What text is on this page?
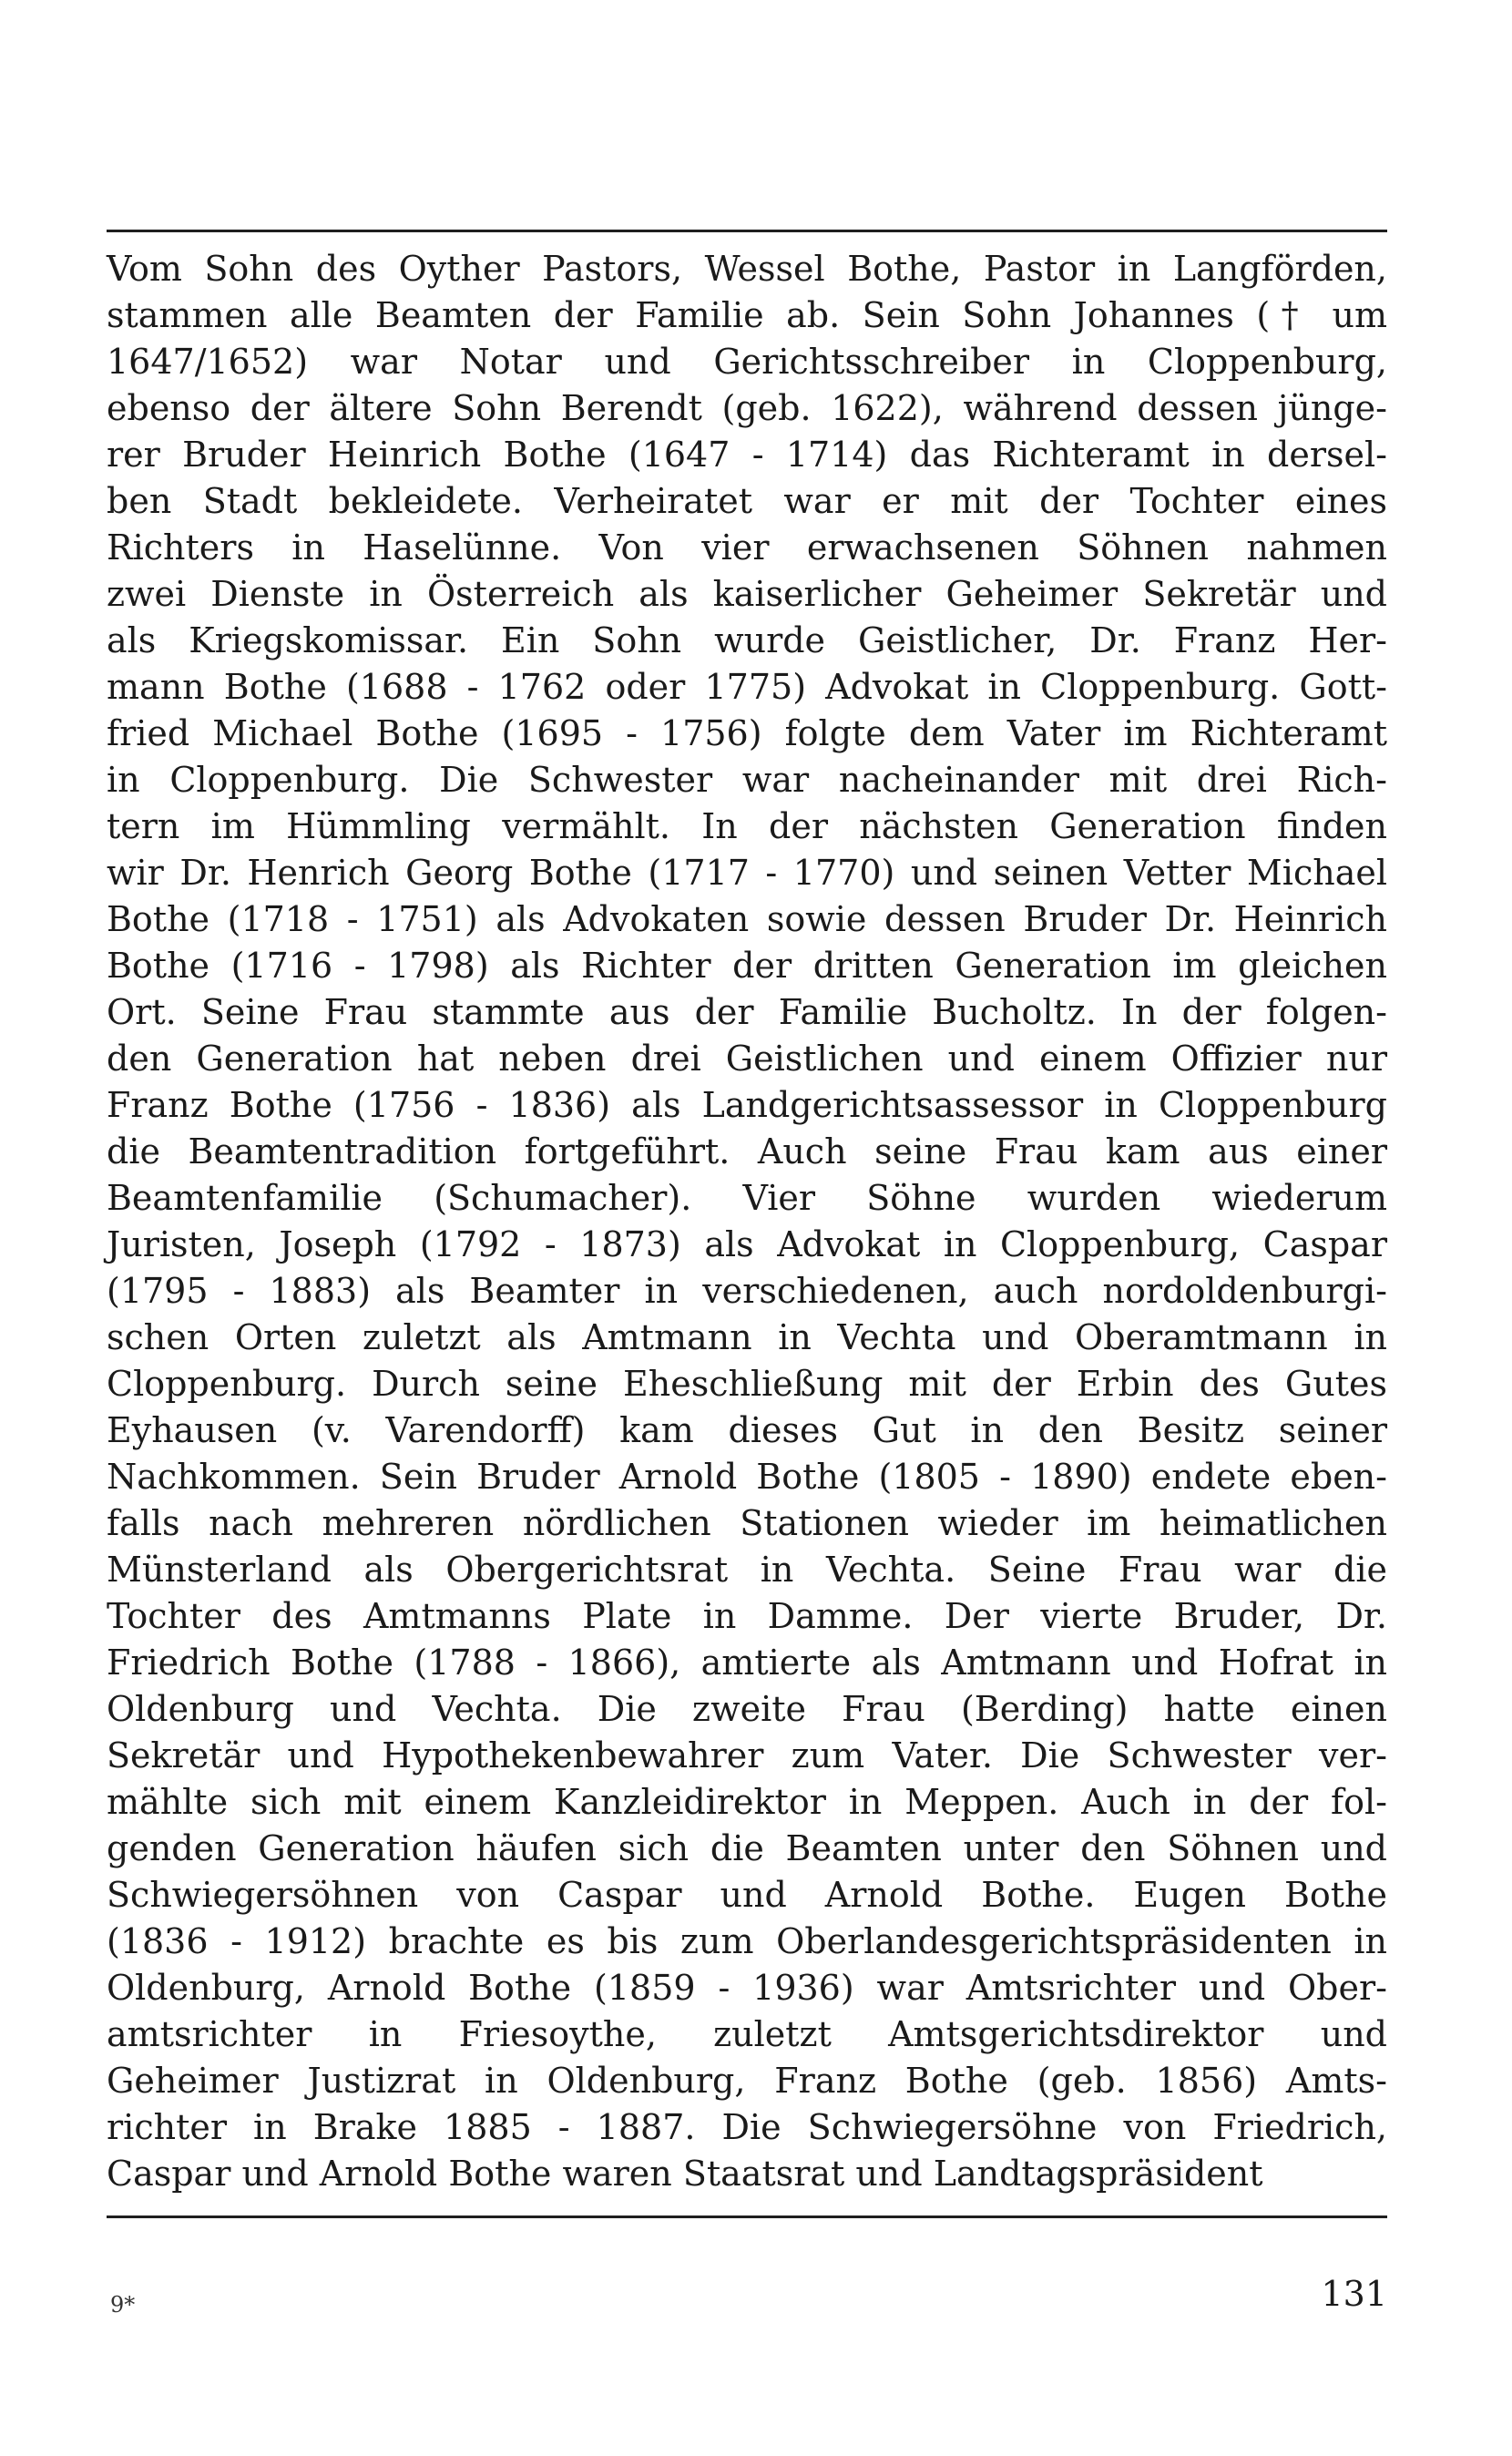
Vom Sohn des Oyther Pastors, Wessel Bothe, Pastor in Langförden,
stammen alle Beamten der Familie ab. Sein Sohn Johannes († um
1647/1652) war Notar und Gerichtsschreiber in Cloppenburg,
ebenso der ältere Sohn Berendt (geb. 1622), während dessen jünge-
rer Bruder Heinrich Bothe (1647 - 1714) das Richteramt in dersel-
ben Stadt bekleidete. Verheiratet war er mit der Tochter eines
Richters in Haselünne. Von vier erwachsenen Söhnen nahmen
zwei Dienste in Österreich als kaiserlicher Geheimer Sekretär und
als Kriegskomissar. Ein Sohn wurde Geistlicher, Dr. Franz Her-
mann Bothe (1688 - 1762 oder 1775) Advokat in Cloppenburg. Gott-
fried Michael Bothe (1695 - 1756) folgte dem Vater im Richteramt
in Cloppenburg. Die Schwester war nacheinander mit drei Rich-
tern im Hümmling vermählt. In der nächsten Generation finden
wir Dr. Henrich Georg Bothe (1717 - 1770) und seinen Vetter Michael
Bothe (1718 - 1751) als Advokaten sowie dessen Bruder Dr. Heinrich
Bothe (1716 - 1798) als Richter der dritten Generation im gleichen
Ort. Seine Frau stammte aus der Familie Bucholtz. In der folgen-
den Generation hat neben drei Geistlichen und einem Offizier nur
Franz Bothe (1756 - 1836) als Landgerichtsassessor in Cloppenburg
die Beamtentradition fortgeführt. Auch seine Frau kam aus einer
Beamtenfamilie (Schumacher). Vier Söhne wurden wiederum
Juristen, Joseph (1792 - 1873) als Advokat in Cloppenburg, Caspar
(1795 - 1883) als Beamter in verschiedenen, auch nordoldenburgi-
schen Orten zuletzt als Amtmann in Vechta und Oberamtmann in
Cloppenburg. Durch seine Eheschließung mit der Erbin des Gutes
Eyhausen (v. Varendorff) kam dieses Gut in den Besitz seiner
Nachkommen. Sein Bruder Arnold Bothe (1805 - 1890) endete eben-
falls nach mehreren nördlichen Stationen wieder im heimatlichen
Münsterland als Obergerichtsrat in Vechta. Seine Frau war die
Tochter des Amtmanns Plate in Damme. Der vierte Bruder, Dr.
Friedrich Bothe (1788 - 1866), amtierte als Amtmann und Hofrat in
Oldenburg und Vechta. Die zweite Frau (Berding) hatte einen
Sekretär und Hypothekenbewahrer zum Vater. Die Schwester ver-
mählte sich mit einem Kanzleidirektor in Meppen. Auch in der fol-
genden Generation häufen sich die Beamten unter den Söhnen und
Schwiegersöhnen von Caspar und Arnold Bothe. Eugen Bothe
(1836 - 1912) brachte es bis zum Oberlandesgerichtspräsidenten in
Oldenburg, Arnold Bothe (1859 - 1936) war Amtsrichter und Ober-
amtsrichter in Friesoythe, zuletzt Amtsgerichtsdirektor und
Geheimer Justizrat in Oldenburg, Franz Bothe (geb. 1856) Amts-
richter in Brake 1885 - 1887. Die Schwiegersöhne von Friedrich,
Caspar und Arnold Bothe waren Staatsrat und Landtagspräsident
9*	131
